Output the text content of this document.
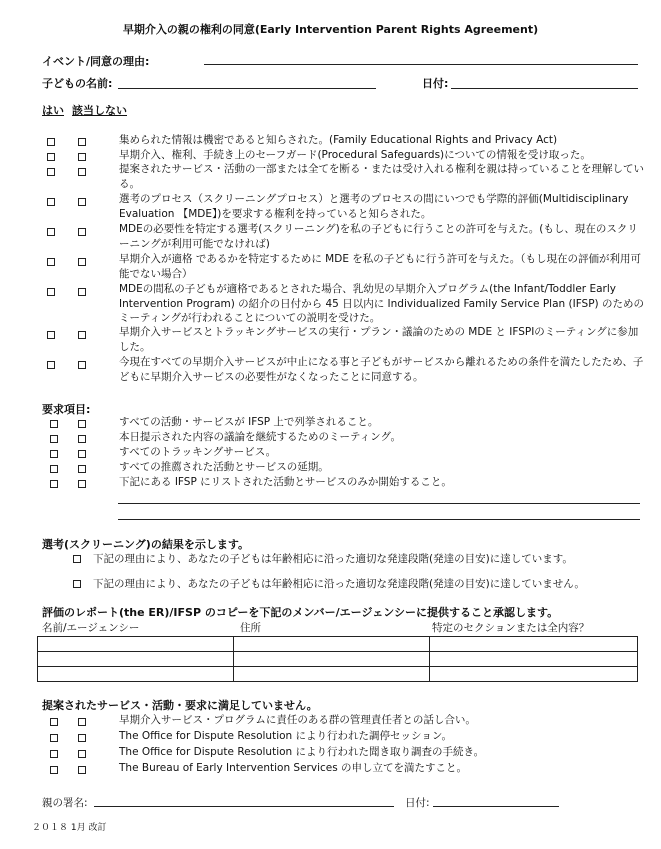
早期介入の親の権利の同意(Early Intervention Parent Rights Agreement)
イベント/同意の理由:
子どもの名前:	日付:
はい 該当しない
集められた情報は機密であると知らされた。(Family Educational Rights and Privacy Act)
早期介入、権利、手続き上のセーフガード(Procedural Safeguards)についての情報を受け取った。
提案されたサービス・活動の一部または全てを断る・または受け入れる権利を親は持っていることを理解している。
選考のプロセス（スクリーニングプロセス）と選考のプロセスの間にいつでも学際的評価(Multidisciplinary Evaluation 【MDE】)を要求する権利を持っていると知らされた。
MDEの必要性を特定する選考(スクリーニング)を私の子どもに行うことの許可を与えた。(もし、現在のスクリーニングが利用可能でなければ)
早期介入が適格 であるかを特定するために MDE を私の子どもに行う許可を与えた。（もし現在の評価が利用可能でない場合）
MDEの間私の子どもが適格であるとされた場合、乳幼児の早期介入プログラム(the Infant/Toddler Early Intervention Program) の紹介の日付から 45 日以内に Individualized Family Service Plan (IFSP) のためのミーティングが行われることについての説明を受けた。
早期介入サービスとトラッキングサービスの実行・プラン・議論のための MDE と IFSPIのミーティングに参加した。
今現在すべての早期介入サービスが中止になる事と子どもがサービスから離れるための条件を満たしたため、子どもに早期介入サービスの必要性がなくなったことに同意する。
要求項目:
すべての活動・サービスが IFSP 上で列挙されること。
本日提示された内容の議論を継続するためのミーティング。
すべてのトラッキングサービス。
すべての推薦された活動とサービスの延期。
下記にある IFSP にリストされた活動とサービスのみか開始すること。
選考(スクリーニング)の結果を示します。
下記の理由により、あなたの子どもは年齢相応に沿った適切な発達段階(発達の目安)に達しています。
下記の理由により、あなたの子どもは年齢相応に沿った適切な発達段階(発達の目安)に達していません。
評価のレポート(the ER)/IFSP のコピーを下記のメンバー/エージェンシーに提供すること承認します。
名前/エージェンシー	住所	特定のセクションまたは全内容？

提案されたサービス・活動・要求に満足していません。
早期介入サービス・プログラムに責任のある群の管理責任者との話し合い。
The Office for Dispute Resolution により行われた調停セッション。
The Office for Dispute Resolution により行われた聞き取り調査の手続き。
The Bureau of Early Intervention Services の申し立てを満たすこと。
親の署名:	日付:
２０１８ 1月 改訂
